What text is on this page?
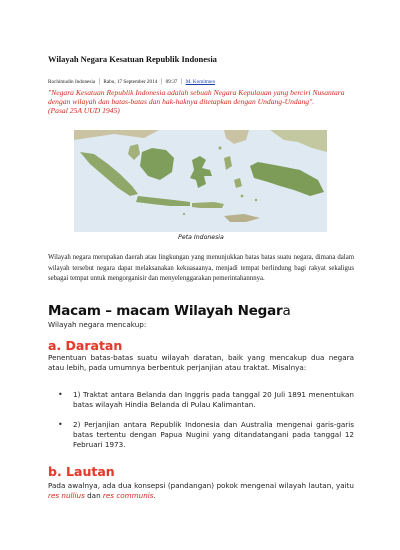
Wilayah Negara Kesatuan Republik Indonesia
Rochimudin Indonesia │ Rabu, 17 September 2014 │ 09:37 │ M. Komitmen

"Negara Kesatuan Republik Indonesia adalah sebuah Negara Kepulauan yang berciri Nusantara dengan wilayah dan batas-batas dan hak-haknya ditetapkan dengan Undang-Undang".

(Pasal 25A UUD 1945)

Peta Indonesia
Wilayah negara merupakan daerah atau lingkungan yang menunjukkan batas batas suatu negara, dimana dalam wilayah tersebut negara dapat melaksanakan kekuasaanya, menjadi tempat berlindung bagi rakyat sekaligus sebagai tempat untuk mengorganisir dan menyelenggarakan pemerintahannnya.
Macam – macam Wilayah Negara
Wilayah negara mencakup:
a. Daratan
Penentuan batas-batas suatu wilayah daratan, baik yang mencakup dua negara atau lebih, pada umumnya berbentuk perjanjian atau traktat. Misalnya:
• 1) Traktat antara Belanda dan Inggris pada tanggal 20 Juli 1891 menentukan batas wilayah Hindia Belanda di Pulau Kalimantan.
• 2) Perjanjian antara Republik Indonesia dan Australia mengenai garis-garis batas tertentu dengan Papua Nugini yang ditandatangani pada tanggal 12 Februari 1973.
b. Lautan
Pada awalnya, ada dua konsepsi (pandangan) pokok mengenai wilayah lautan, yaitu res nullius dan res communis.
